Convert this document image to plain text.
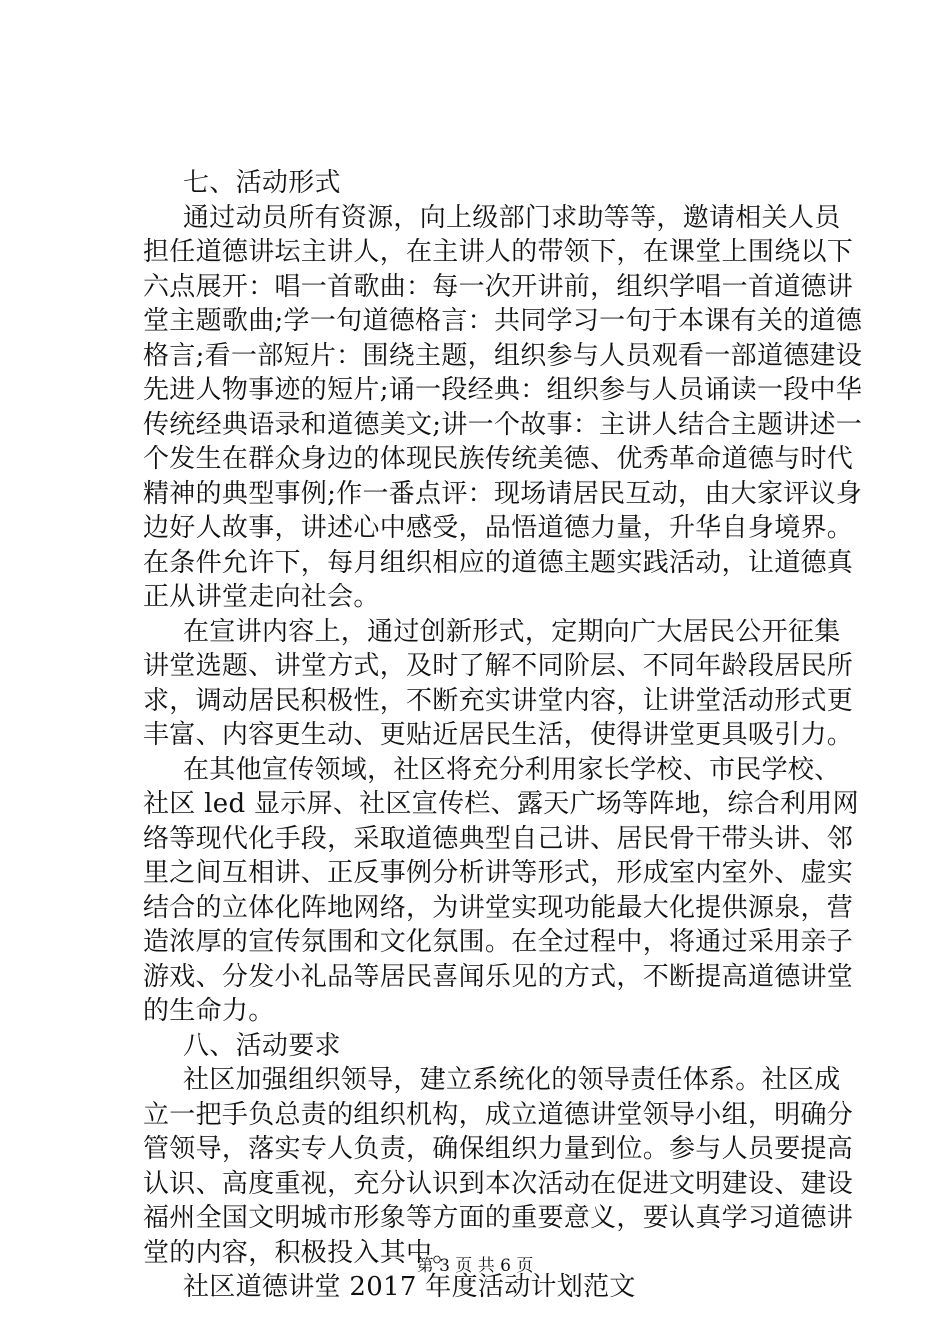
七、活动形式

通过动员所有资源，向上级部门求助等等，邀请相关人员

担任道德讲坛主讲人，在主讲人的带领下，在课堂上围绕以下

六点展开：唱一首歌曲：每一次开讲前，组织学唱一首道德讲

堂主题歌曲;学一句道德格言：共同学习一句于本课有关的道德

格言;看一部短片：围绕主题，组织参与人员观看一部道德建设

先进人物事迹的短片;诵一段经典：组织参与人员诵读一段中华

传统经典语录和道德美文;讲一个故事：主讲人结合主题讲述一

个发生在群众身边的体现民族传统美德、优秀革命道德与时代

精神的典型事例;作一番点评：现场请居民互动，由大家评议身

边好人故事，讲述心中感受，品悟道德力量，升华自身境界。

在条件允许下，每月组织相应的道德主题实践活动，让道德真

正从讲堂走向社会。

在宣讲内容上，通过创新形式，定期向广大居民公开征集

讲堂选题、讲堂方式，及时了解不同阶层、不同年龄段居民所

求，调动居民积极性，不断充实讲堂内容，让讲堂活动形式更

丰富、内容更生动、更贴近居民生活，使得讲堂更具吸引力。

在其他宣传领域，社区将充分利用家长学校、市民学校、

社区 led 显示屏、社区宣传栏、露天广场等阵地，综合利用网

络等现代化手段，采取道德典型自己讲、居民骨干带头讲、邻

里之间互相讲、正反事例分析讲等形式，形成室内室外、虚实

结合的立体化阵地网络，为讲堂实现功能最大化提供源泉，营

造浓厚的宣传氛围和文化氛围。在全过程中，将通过采用亲子

游戏、分发小礼品等居民喜闻乐见的方式，不断提高道德讲堂

的生命力。

八、活动要求

社区加强组织领导，建立系统化的领导责任体系。社区成

立一把手负总责的组织机构，成立道德讲堂领导小组，明确分

管领导，落实专人负责，确保组织力量到位。参与人员要提高

认识、高度重视，充分认识到本次活动在促进文明建设、建设

福州全国文明城市形象等方面的重要意义，要认真学习道德讲

堂的内容，积极投入其中。

社区道德讲堂 2017 年度活动计划范文

第 3 页 共 6 页
